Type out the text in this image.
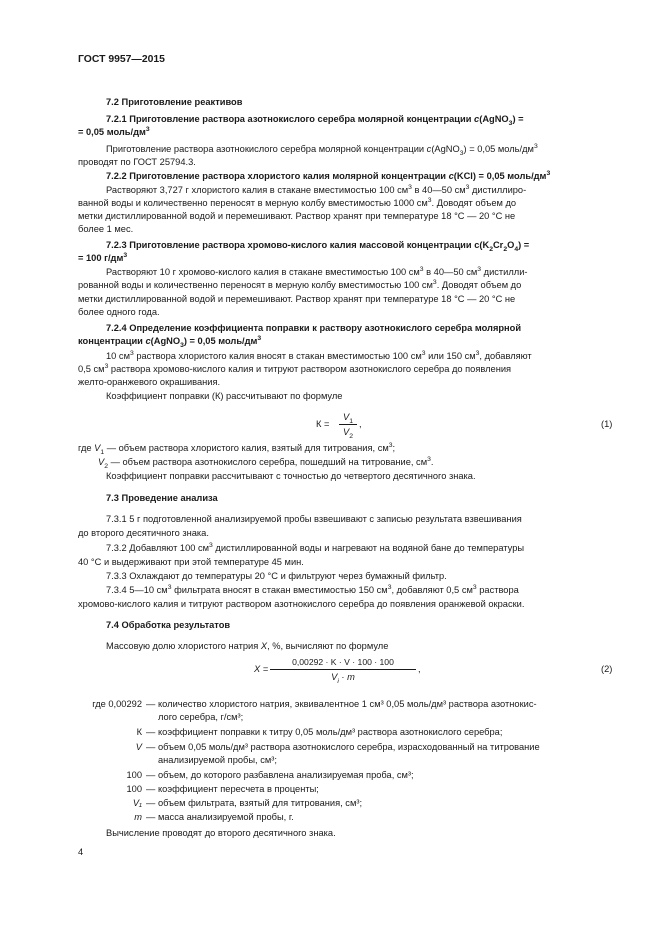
ГОСТ 9957—2015
7.2 Приготовление реактивов
7.2.1 Приготовление раствора азотнокислого серебра молярной концентрации c(AgNO$_3$) =
= 0,05 моль/$дм^3$
Приготовление раствора азотнокислого серебра молярной концентрации c(AgNO$_3$) = 0,05 моль/$дм^3$
проводят по ГОСТ 25794.3.
7.2.2 Приготовление раствора хлористого калия молярной концентрации c(KCl) = 0,05 моль/$дм^3$
Растворяют 3,727 г хлористого калия в стакане вместимостью 100 $см^3$ в 40—50 $см^3$ дистиллиро-
ванной воды и количественно переносят в мерную колбу вместимостью 1000 $см^3$. Доводят объем до
метки дистиллированной водой и перемешивают. Раствор хранят при температуре 18 °С — 20 °С не
более 1 мес.
7.2.3 Приготовление раствора хромово-кислого калия массовой концентрации $с(K_2Cr_2O_4)$ =
= 100 $г/дм^3$
Растворяют 10 г хромово-кислого калия в стакане вместимостью 100 $см^3$ в 40—50 $см^3$ дистилли-
рованной воды и количественно переносят в мерную колбу вместимостью 100 $см^3$. Доводят объем до
метки дистиллированной водой и перемешивают. Раствор хранят при температуре 18 °С — 20 °С не
более одного года.
7.2.4 Определение коэффициента поправки к раствору азотнокислого серебра молярной
концентрации с(AgNO$_3$) = 0,05 моль/$дм^3$
10 $см^3$ раствора хлористого калия вносят в стакан вместимостью 100 $см^3$ или 150 $см^3$, добавляют
0,5 $см^3$ раствора хромово-кислого калия и титруют раствором азотнокислого серебра до появления
желто-оранжевого окрашивания.
Коэффициент поправки (К) рассчитывают по формуле
К =
$V_1$
$V_2$
,	(1)
где $V_1$ — объем раствора хлористого калия, взятый для титрования, $см^3$;
$V_2$ — объем раствора азотнокислого серебра, пошедший на титрование, $см^3$.
Коэффициент поправки рассчитывают с точностью до четвертого десятичного знака.
7.3 Проведение анализа
7.3.1 5 г подготовленной анализируемой пробы взвешивают с записью результата взвешивания
до второго десятичного знака.
7.3.2 Добавляют 100 $см^3$ дистиллированной воды и нагревают на водяной бане до температуры
40 °С и выдерживают при этой температуре 45 мин.
7.3.3 Охлаждают до температуры 20 °С и фильтруют через бумажный фильтр.
7.3.4 5—10 $см^3$ фильтрата вносят в стакан вместимостью 150 $см^3$, добавляют 0,5 $см^3$ раствора
хромово-кислого калия и титруют раствором азотнокислого серебра до появления оранжевой окраски.
7.4 Обработка результатов
Массовую долю хлористого натрия X, %, вычисляют по формуле
X =
0,00292 · K · V · 100 · 100
$V_i \cdot m$
,	(2)
где 0,00292 — количество хлористого натрия, эквивалентное 1 см³ 0,05 моль/дм³ раствора азотнокис-
лого серебра, г/см³;
К — коэффициент поправки к титру 0,05 моль/дм³ раствора азотнокислого серебра;
V — объем 0,05 моль/дм³ раствора азотнокислого серебра, израсходованный на титрование
анализируемой пробы, см³;
100 — объем, до которого разбавлена анализируемая проба, см³;
100 — коэффициент пересчета в проценты;
V₁ — объем фильтрата, взятый для титрования, см³;
m — масса анализируемой пробы, г.
Вычисление проводят до второго десятичного знака.
4
